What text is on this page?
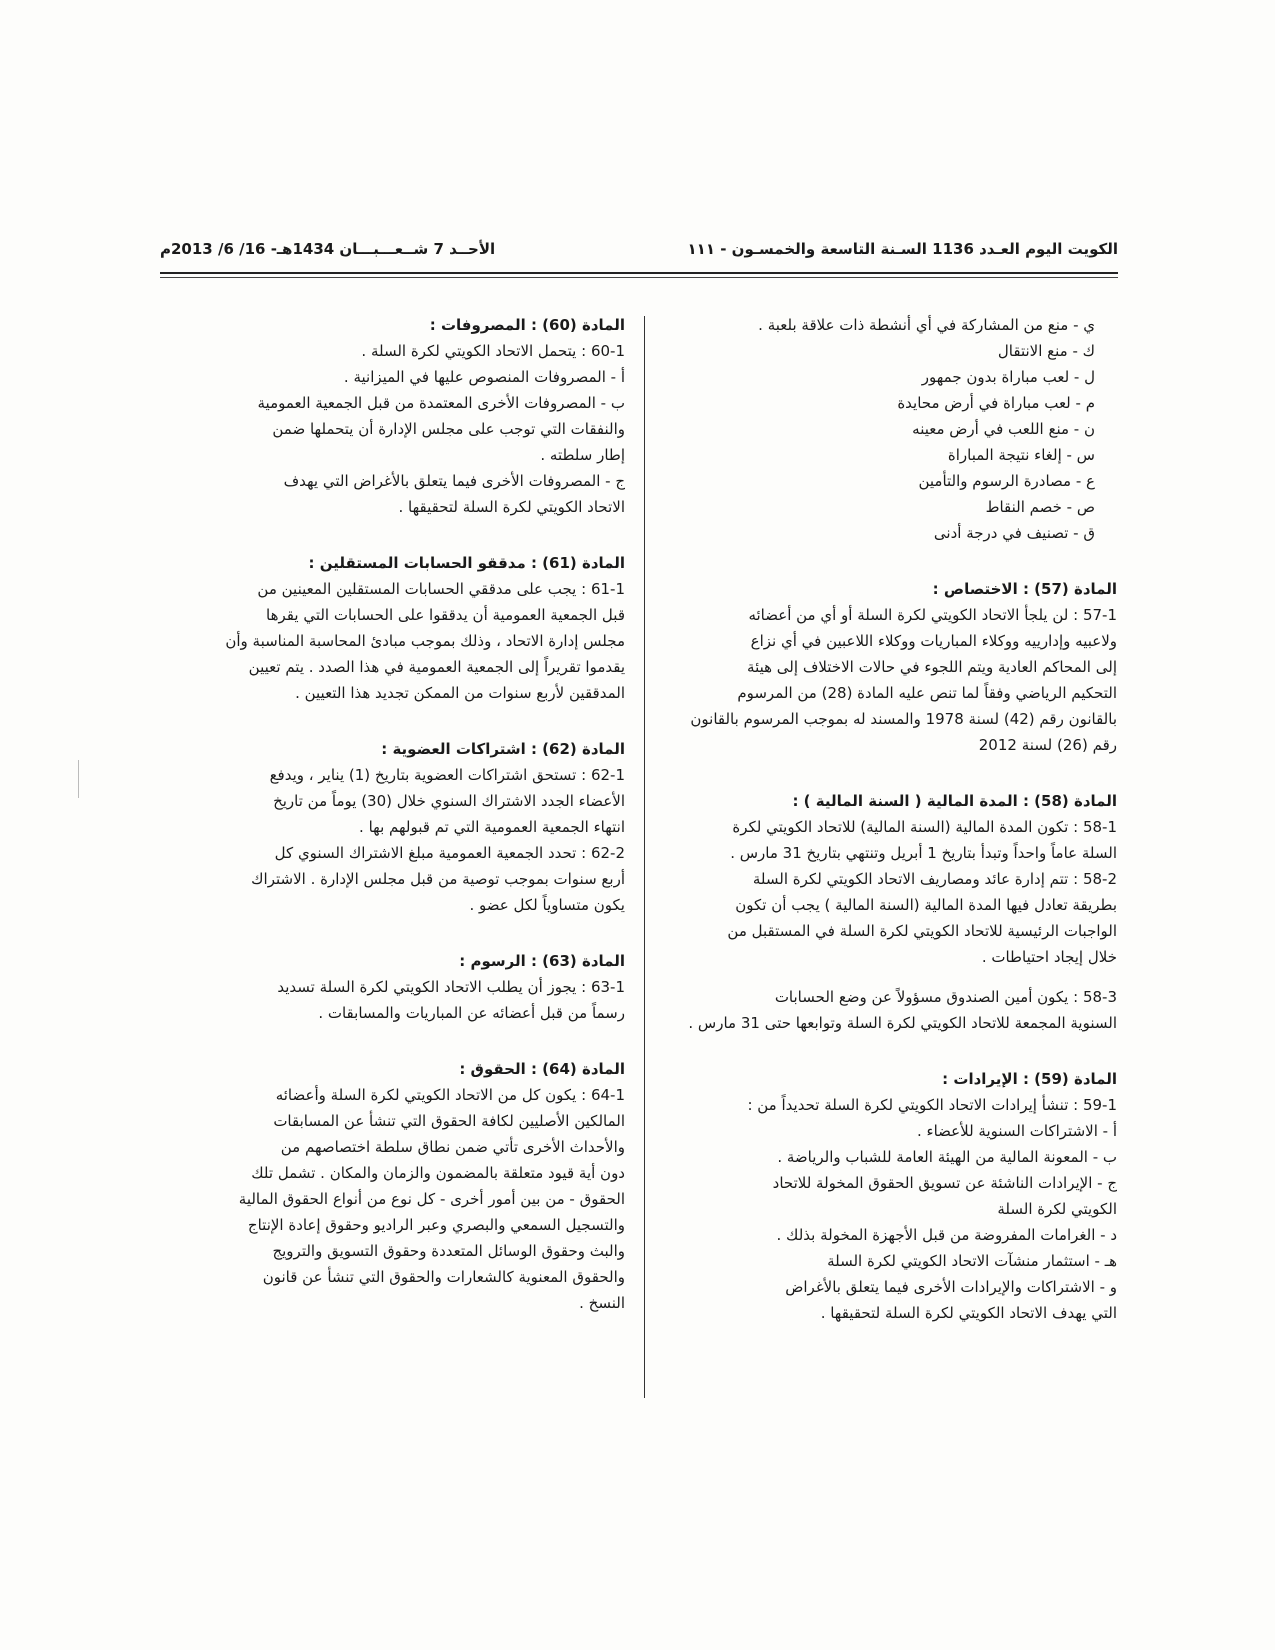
الكويت اليوم العـدد 1136 السـنة التاسعة والخمسـون - ١١١
الأحــد 7 شــعـــبـــان 1434هـ- 16/ 6/ 2013م
ي - منع من المشاركة في أي أنشطة ذات علاقة بلعبة .
ك - منع الانتقال
ل - لعب مباراة بدون جمهور
م - لعب مباراة في أرض محايدة
ن - منع اللعب في أرض معينه
س - إلغاء نتيجة المباراة
ع - مصادرة الرسوم والتأمين
ص - خصم النقاط
ق - تصنيف في درجة أدنى
المادة (57) : الاختصاص :
57-1 : لن يلجأ الاتحاد الكويتي لكرة السلة أو أي من أعضائه
ولاعبيه وإدارييه ووكلاء المباريات ووكلاء اللاعبين في أي نزاع
إلى المحاكم العادية ويتم اللجوء في حالات الاختلاف إلى هيئة
التحكيم الرياضي وفقاً لما تنص عليه المادة (28) من المرسوم
بالقانون رقم (42) لسنة 1978 والمسند له بموجب المرسوم بالقانون
رقم (26) لسنة 2012
المادة (58) : المدة المالية ( السنة المالية ) :
58-1 : تكون المدة المالية (السنة المالية) للاتحاد الكويتي لكرة
السلة عاماً واحداً وتبدأ بتاريخ 1 أبريل وتنتهي بتاريخ 31 مارس .
58-2 : تتم إدارة عائد ومصاريف الاتحاد الكويتي لكرة السلة
بطريقة تعادل فيها المدة المالية (السنة المالية ) يجب أن تكون
الواجبات الرئيسية للاتحاد الكويتي لكرة السلة في المستقبل من
خلال إيجاد احتياطات .
58-3 : يكون أمين الصندوق مسؤولاً عن وضع الحسابات
السنوية المجمعة للاتحاد الكويتي لكرة السلة وتوابعها حتى 31 مارس .
المادة (59) : الإيرادات :
59-1 : تنشأ إيرادات الاتحاد الكويتي لكرة السلة تحديداً من :
أ - الاشتراكات السنوية للأعضاء .
ب - المعونة المالية من الهيئة العامة للشباب والرياضة .
ج - الإيرادات الناشئة عن تسويق الحقوق المخولة للاتحاد
الكويتي لكرة السلة
د - الغرامات المفروضة من قبل الأجهزة المخولة بذلك .
هـ - استثمار منشآت الاتحاد الكويتي لكرة السلة
و - الاشتراكات والإيرادات الأخرى فيما يتعلق بالأغراض
التي يهدف الاتحاد الكويتي لكرة السلة لتحقيقها .
المادة (60) : المصروفات :
60-1 : يتحمل الاتحاد الكويتي لكرة السلة .
أ - المصروفات المنصوص عليها في الميزانية .
ب - المصروفات الأخرى المعتمدة من قبل الجمعية العمومية
والنفقات التي توجب على مجلس الإدارة أن يتحملها ضمن
إطار سلطته .
ج - المصروفات الأخرى فيما يتعلق بالأغراض التي يهدف
الاتحاد الكويتي لكرة السلة لتحقيقها .
المادة (61) : مدققو الحسابات المستقلين :
61-1 : يجب على مدققي الحسابات المستقلين المعينين من
قبل الجمعية العمومية أن يدققوا على الحسابات التي يقرها
مجلس إدارة الاتحاد ، وذلك بموجب مبادئ المحاسبة المناسبة وأن
يقدموا تقريراً إلى الجمعية العمومية في هذا الصدد . يتم تعيين
المدققين لأربع سنوات من الممكن تجديد هذا التعيين .
المادة (62) : اشتراكات العضوية :
62-1 : تستحق اشتراكات العضوية بتاريخ (1) يناير ، ويدفع
الأعضاء الجدد الاشتراك السنوي خلال (30) يوماً من تاريخ
انتهاء الجمعية العمومية التي تم قبولهم بها .
62-2 : تحدد الجمعية العمومية مبلغ الاشتراك السنوي كل
أربع سنوات بموجب توصية من قبل مجلس الإدارة . الاشتراك
يكون متساوياً لكل عضو .
المادة (63) : الرسوم :
63-1 : يجوز أن يطلب الاتحاد الكويتي لكرة السلة تسديد
رسماً من قبل أعضائه عن المباريات والمسابقات .
المادة (64) : الحقوق :
64-1 : يكون كل من الاتحاد الكويتي لكرة السلة وأعضائه
المالكين الأصليين لكافة الحقوق التي تنشأ عن المسابقات
والأحداث الأخرى تأتي ضمن نطاق سلطة اختصاصهم من
دون أية قيود متعلقة بالمضمون والزمان والمكان . تشمل تلك
الحقوق - من بين أمور أخرى - كل نوع من أنواع الحقوق المالية
والتسجيل السمعي والبصري وعبر الراديو وحقوق إعادة الإنتاج
والبث وحقوق الوسائل المتعددة وحقوق التسويق والترويج
والحقوق المعنوية كالشعارات والحقوق التي تنشأ عن قانون
النسخ .
